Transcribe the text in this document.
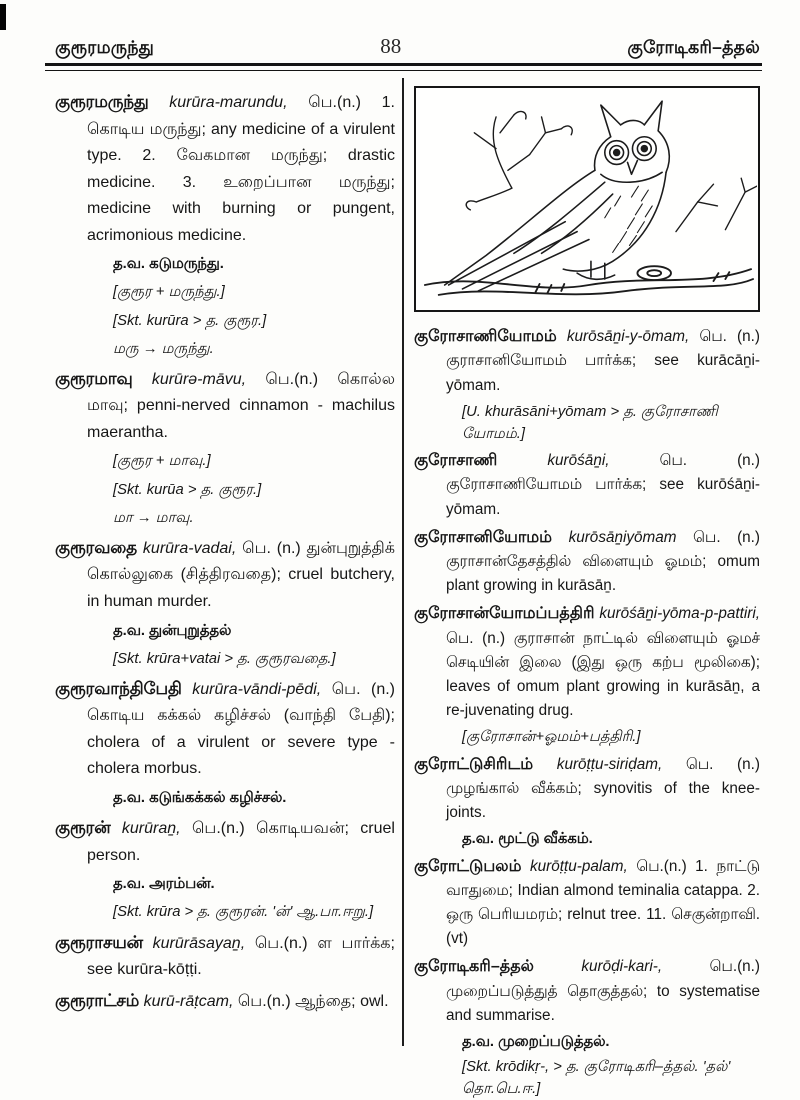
குரூரமருந்து	88	குரோடிகரி–த்தல்

குரூரமருந்து kurūra-marundu, பெ.(n.) 1. கொடிய மருந்து; any medicine of a virulent type. 2. வேகமான மருந்து; drastic medicine. 3. உறைப்பான மருந்து; medicine with burning or pungent, acrimonious medicine.

த.வ. கடுமருந்து.

[குரூர + மருந்து.]

[Skt. kurūra > த. குரூர.]

மரு → மருந்து.

குரூரமாவு kurūrə-māvu, பெ.(n.) கொல்ல மாவு; penni-nerved cinnamon - machilus maerantha.

[குரூர + மாவு.]

[Skt. kurūa > த. குரூர.]

மா → மாவு.

குரூரவதை kurūra-vadai, பெ. (n.) துன்புறுத்திக் கொல்லுகை (சித்திரவதை); cruel butchery, in human murder.

த.வ. துன்புறுத்தல்

[Skt. krūra+vatai > த. குரூரவதை.]

குரூரவாந்திபேதி kurūra-vāndi-pēdi, பெ. (n.) கொடிய கக்கல் கழிச்சல் (வாந்தி பேதி); cholera of a virulent or severe type - cholera morbus.

த.வ. கடுங்கக்கல் கழிச்சல்.

குரூரன் kurūraṉ, பெ.(n.) கொடியவன்; cruel person.

த.வ. அரம்பன்.

[Skt. krūra > த. குரூரன். 'ன்' ஆ.பா.ஈறு.]

குரூராசயன் kurūrāsayaṉ, பெ.(n.) ள பார்க்க; see kurūra-kōṭṭi.

குரூராட்சம் kurū-rāṭcam, பெ.(n.) ஆந்தை; owl.

குரோசாணியோமம் kurōsāṉi-y-ōmam, பெ. (n.) குராசானியோமம் பார்க்க; see kurācāṉi-yōmam.

[U. khurāsāni+yōmam > த. குரோசாணி யோமம்.]

குரோசாணி	kurōśāṉi,	பெ. (n.) குரோசாணியோமம் பார்க்க; see kurōśāṉi-yōmam.

குரோசானியோமம் kurōsāṉiyōmam பெ. (n.) குராசான்தேசத்தில் விளையும் ஓமம்; omum plant growing in kurāsāṉ.

குரோசான்யோமப்பத்திரி kurōśāṉi-yōma-p-pattiri, பெ. (n.) குராசான் நாட்டில் விளையும் ஓமச் செடியின் இலை (இது ஒரு கற்ப மூலிகை); leaves of omum plant growing in kurāsāṉ, a re-juvenating drug.

[குரோசான்+ஓமம்+பத்திரி.]

குரோட்டுசிரிடம் kurōṭṭu-siriḍam, பெ. (n.) முழங்கால் வீக்கம்; synovitis of the knee-joints.

த.வ. மூட்டு வீக்கம்.

குரோட்டுபலம் kurōṭṭu-palam, பெ.(n.) 1. நாட்டு வாதுமை; Indian almond teminalia catappa. 2. ஒரு பெரியமரம்; relnut tree. 11. செகுன்றாவி. (vt)

குரோடிகரி–த்தல்	kurōḍi-kari-,	பெ.(n.) முறைப்படுத்துத் தொகுத்தல்; to systematise and summarise.

த.வ. முறைப்படுத்தல்.

[Skt. krōdikṛ-, > த. குரோடிகரி–த்தல். 'தல்' தொ.பெ.ஈ.]
